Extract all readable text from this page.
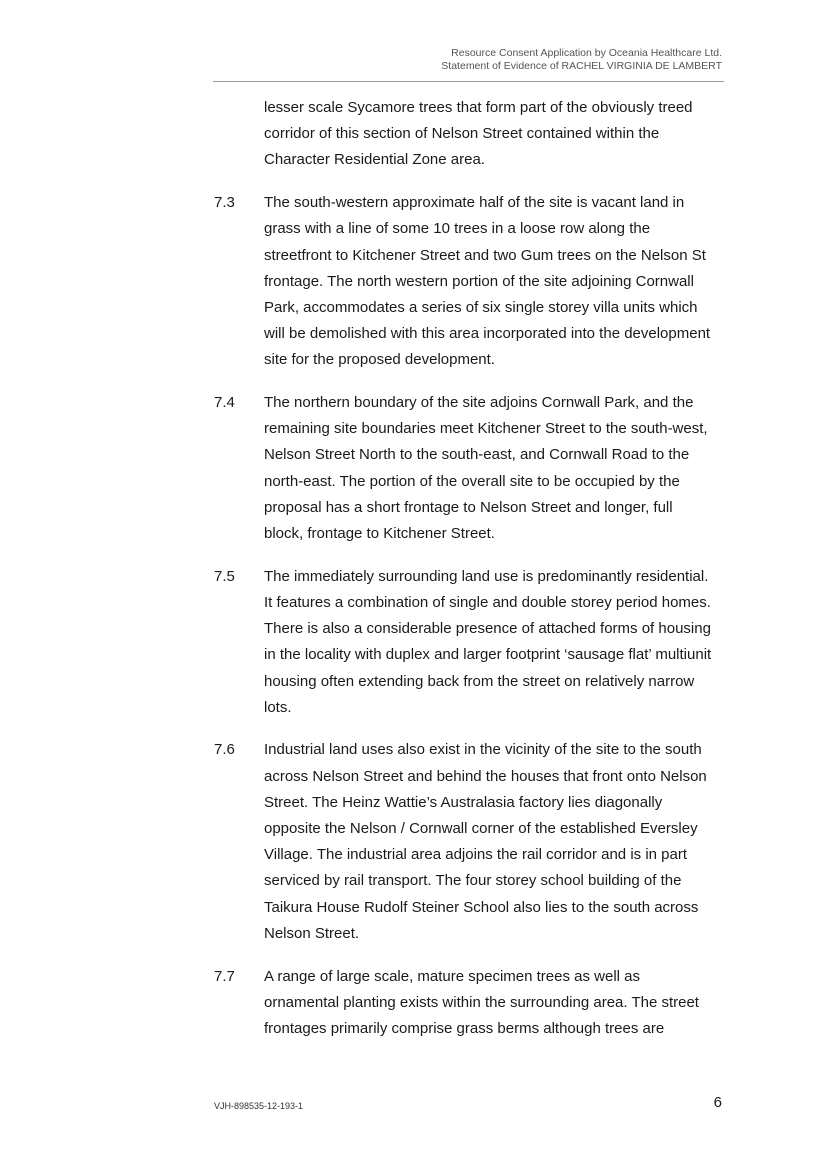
Resource Consent Application by Oceania Healthcare Ltd.
Statement of Evidence of RACHEL VIRGINIA DE LAMBERT
lesser scale Sycamore trees that form part of the obviously treed
corridor of this section of Nelson Street contained within the
Character Residential Zone area.
7.3	The south-western approximate half of the site is vacant land in
grass with a line of some 10 trees in a loose row along the
streetfront to Kitchener Street and two Gum trees on the Nelson St
frontage. The north western portion of the site adjoining Cornwall
Park, accommodates a series of six single storey villa units which
will be demolished with this area incorporated into the development
site for the proposed development.
7.4	The northern boundary of the site adjoins Cornwall Park, and the
remaining site boundaries meet Kitchener Street to the south-west,
Nelson Street North to the south-east, and Cornwall Road to the
north-east. The portion of the overall site to be occupied by the
proposal has a short frontage to Nelson Street and longer, full
block, frontage to Kitchener Street.
7.5	The immediately surrounding land use is predominantly residential.
It features a combination of single and double storey period homes.
There is also a considerable presence of attached forms of housing
in the locality with duplex and larger footprint ‘sausage flat’ multiunit
housing often extending back from the street on relatively narrow
lots.
7.6	Industrial land uses also exist in the vicinity of the site to the south
across Nelson Street and behind the houses that front onto Nelson
Street. The Heinz Wattie’s Australasia factory lies diagonally
opposite the Nelson / Cornwall corner of the established Eversley
Village. The industrial area adjoins the rail corridor and is in part
serviced by rail transport. The four storey school building of the
Taikura House Rudolf Steiner School also lies to the south across
Nelson Street.
7.7	A range of large scale, mature specimen trees as well as
ornamental planting exists within the surrounding area. The street
frontages primarily comprise grass berms although trees are
VJH-898535-12-193-1	6
